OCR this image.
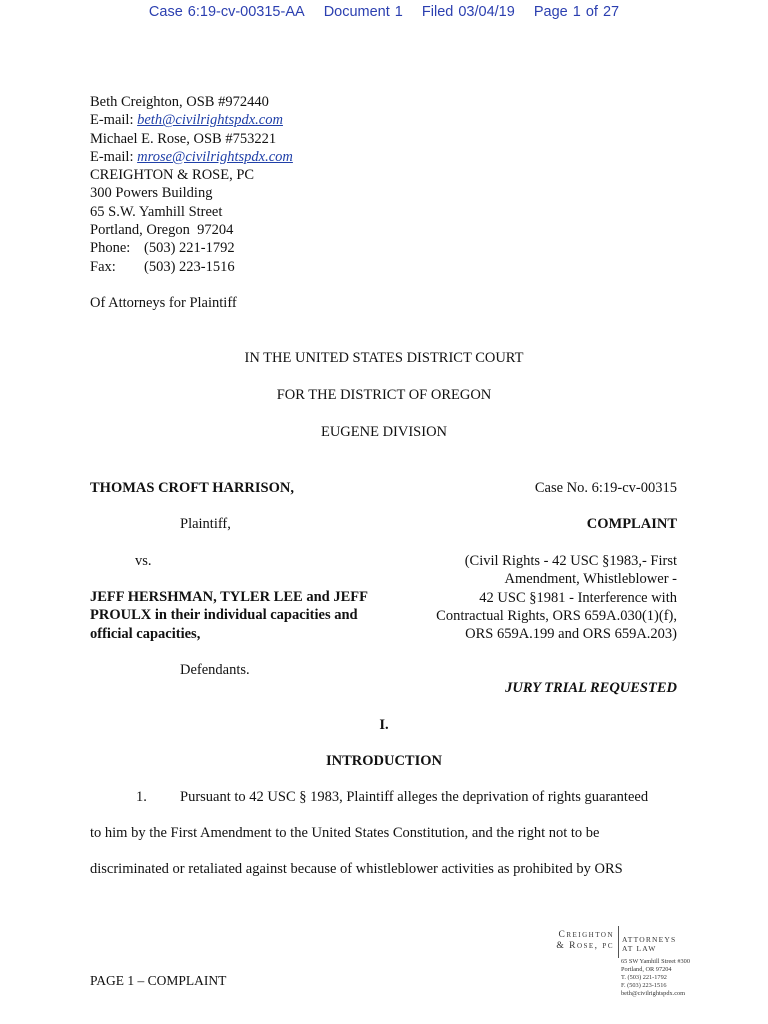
Case 6:19-cv-00315-AA Document 1 Filed 03/04/19 Page 1 of 27
Beth Creighton, OSB #972440
E-mail: beth@civilrightspdx.com
Michael E. Rose, OSB #753221
E-mail: mrose@civilrightspdx.com
CREIGHTON & ROSE, PC
300 Powers Building
65 S.W. Yamhill Street
Portland, Oregon  97204
Phone: (503) 221-1792
Fax: (503) 223-1516
Of Attorneys for Plaintiff
IN THE UNITED STATES DISTRICT COURT
FOR THE DISTRICT OF OREGON
EUGENE DIVISION
THOMAS CROFT HARRISON,
Plaintiff,
vs.
JEFF HERSHMAN, TYLER LEE and JEFF
PROULX in their individual capacities and
official capacities,
Defendants.
Case No. 6:19-cv-00315
COMPLAINT
(Civil Rights - 42 USC §1983,- First
Amendment, Whistleblower -
42 USC §1981 - Interference with
Contractual Rights, ORS 659A.030(1)(f),
ORS 659A.199 and ORS 659A.203)
JURY TRIAL REQUESTED
I.
INTRODUCTION
1. Pursuant to 42 USC § 1983, Plaintiff alleges the deprivation of rights guaranteed
to him by the First Amendment to the United States Constitution, and the right not to be
discriminated or retaliated against because of whistleblower activities as prohibited by ORS
PAGE 1 – COMPLAINT
Creighton
& Rose, pc
ATTORNEYS
AT LAW
65 SW Yamhill Street #300
Portland, OR 97204
T. (503) 221-1792
F. (503) 223-1516
beth@civilrightspdx.com
